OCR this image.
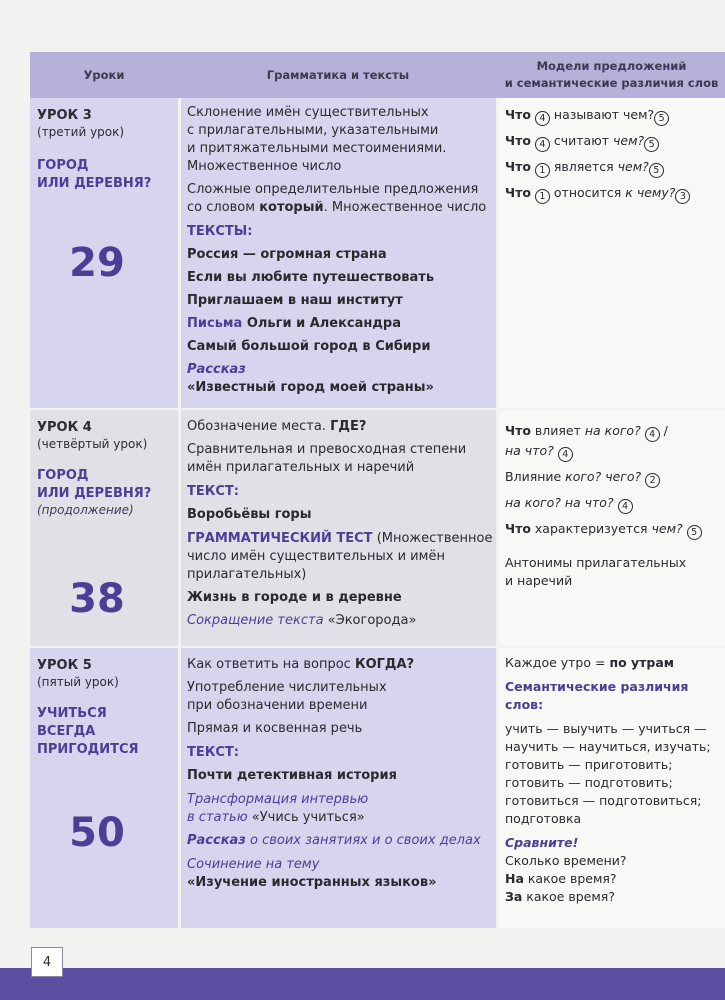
Уроки	Грамматика и тексты
Модели предложений
и семантические различия слов
УРОК 3
(третий урок)
ГОРОД
ИЛИ ДЕРЕВНЯ?
29

Склонение имён существительных
с прилагательными, указательными
и притяжательными местоимениями.
Множественное число

Сложные определительные предложения
со словом который. Множественное число

ТЕКСТЫ:

Россия — огромная страна

Если вы любите путешествовать

Приглашаем в наш институт

Письма Ольги и Александра

Самый большой город в Сибири

Рассказ

«Известный город моей страны»

Что 4 называют чем? 5

Что 4 считают чем? 5

Что 1 является чем? 5

Что 1 относится к чему? 3

УРОК 4
(четвёртый урок)
ГОРОД
ИЛИ ДЕРЕВНЯ?
(продолжение)
38

Обозначение места. ГДЕ?

Сравнительная и превосходная степени
имён прилагательных и наречий

ТЕКСТ:

Воробьёвы горы

ГРАММАТИЧЕСКИЙ ТЕСТ (Множественное
число имён существительных и имён
прилагательных)

Жизнь в городе и в деревне

Сокращение текста «Экогорода»

Что влияет на кого? 4 /
на что? 4

Влияние кого? чего? 2

на кого? на что? 4

Что характеризуется чем? 5

Антонимы прилагательных
и наречий

УРОК 5
(пятый урок)
УЧИТЬСЯ
ВСЕГДА
ПРИГОДИТСЯ
50

Как ответить на вопрос КОГДА?

Употребление числительных
при обозначении времени

Прямая и косвенная речь

ТЕКСТ:

Почти детективная история

Трансформация интервью
в статью «Учись учиться»

Рассказ о своих занятиях и о своих делах

Сочинение на тему
«Изучение иностранных языков»

Каждое утро = по утрам

Семантические различия
слов:

учить — выучить — учиться —
научить — научиться, изучать;
готовить — приготовить;
готовить — подготовить;
готовиться — подготовиться;
подготовка

Сравните!

Сколько времени?
На какое время?
За какое время?

4
